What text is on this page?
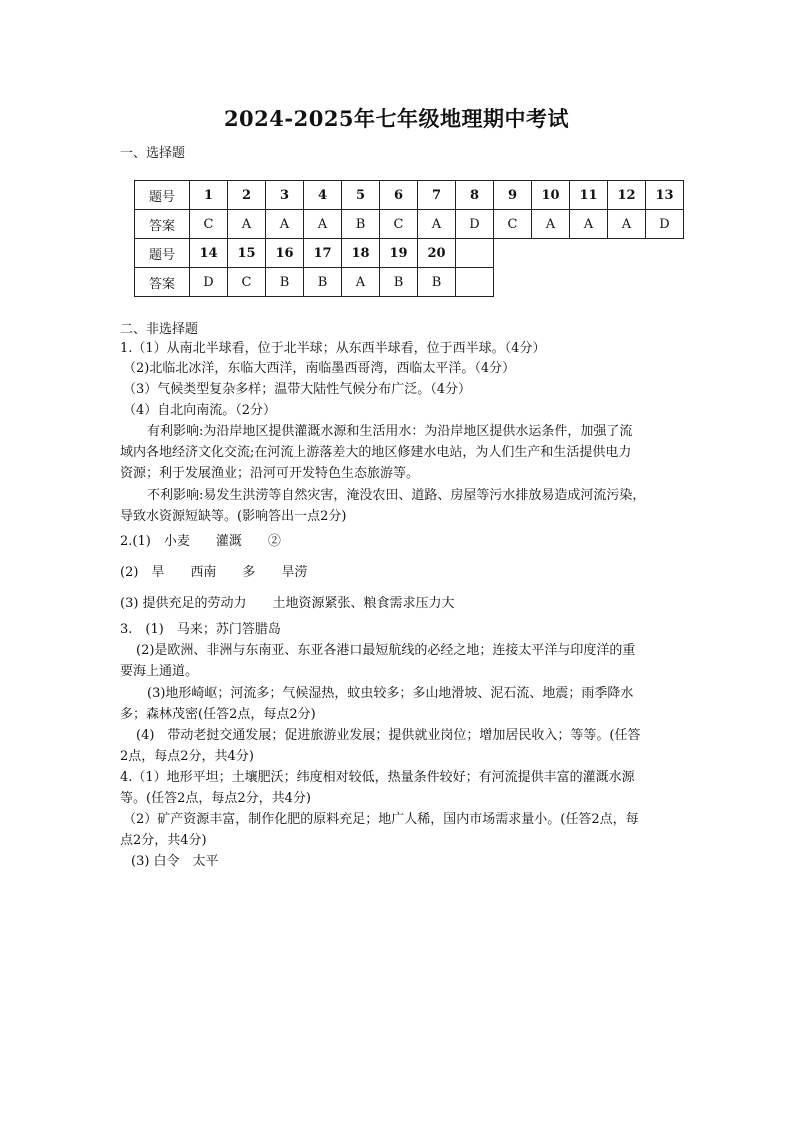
2024-2025年七年级地理期中考试
一、选择题
题号	1	2	3	4	5	6	7	8	9	10	11	12	13
答案	C	A	A	A	B	C	A	D	C	A	A	A	D
题号	14	15	16	17	18	19	20						
答案	D	C	B	B	A	B	B						
二、非选择题
1.（1）从南北半球看，位于北半球；从东西半球看，位于西半球。（4分）
（2)北临北冰洋，东临大西洋，南临墨西哥湾，西临太平洋。（4分）
（3）气候类型复杂多样；温带大陆性气候分布广泛。（4分）
（4）自北向南流。（2分）
有利影响:为沿岸地区提供灌溉水源和生活用水：为沿岸地区提供水运条件，加强了流
域内各地经济文化交流;在河流上游落差大的地区修建水电站，为人们生产和生活提供电力
资源；利于发展渔业；沿河可开发特色生态旅游等。
不利影响:易发生洪涝等自然灾害，淹没农田、道路、房屋等污水排放易造成河流污染，
导致水资源短缺等。(影响答出一点2分)
2.(1)　小麦　　灌溉　　②
(2)　旱　　西南　　多　　旱涝
(3) 提供充足的劳动力　　土地资源紧张、粮食需求压力大
3.　(1)　马来；苏门答腊岛
(2)是欧洲、非洲与东南亚、东亚各港口最短航线的必经之地；连接太平洋与印度洋的重
要海上通道。
(3)地形崎岖；河流多；气候湿热，蚊虫较多；多山地滑坡、泥石流、地震；雨季降水
多；森林茂密(任答2点，每点2分)
(4)　带动老挝交通发展；促进旅游业发展；提供就业岗位；增加居民收入；等等。(任答
2点，每点2分，共4分)
4.（1）地形平坦；土壤肥沃；纬度相对较低，热量条件较好；有河流提供丰富的灌溉水源
等。(任答2点，每点2分，共4分)
（2）矿产资源丰富，制作化肥的原料充足；地广人稀，国内市场需求量小。(任答2点，每
点2分，共4分)
(3) 白令　太平
